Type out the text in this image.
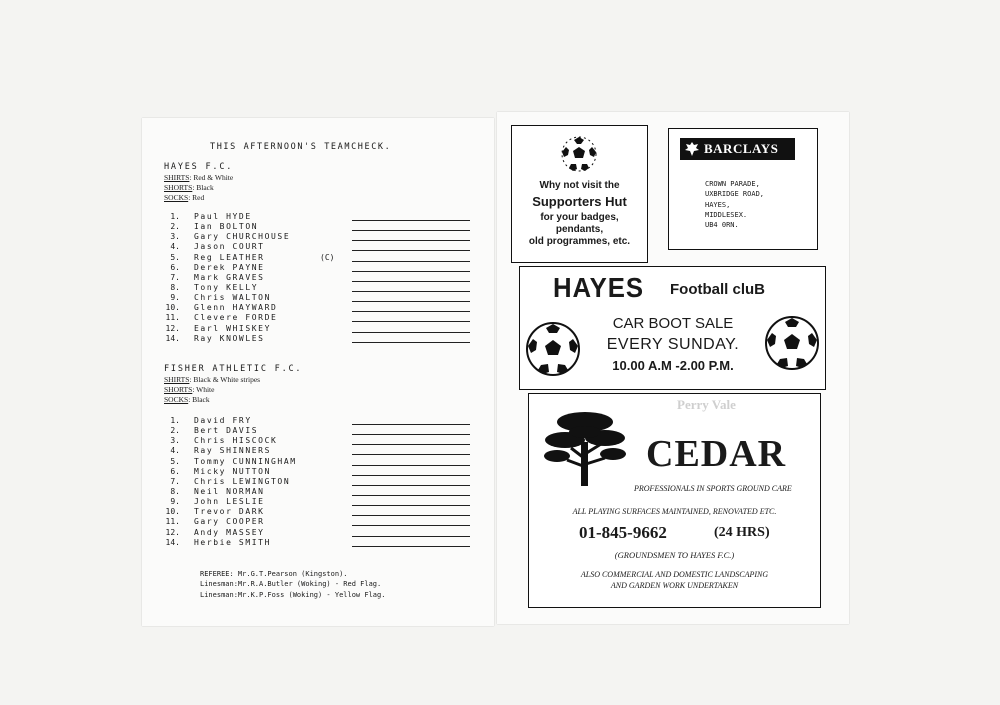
THIS AFTERNOON'S TEAMCHECK.
HAYES F.C.
SHIRTS: Red & White
SHORTS: Black
SOCKS: Red
1. Paul HYDE
2. Ian BOLTON
3. Gary CHURCHOUSE
4. Jason COURT
5. Reg LEATHER
6. Derek PAYNE
7. Mark GRAVES
8. Tony KELLY
9. Chris WALTON
10. Glenn HAYWARD
11. Clevere FORDE
12. Earl WHISKEY
14. Ray KNOWLES
(C)
FISHER ATHLETIC F.C.
SHIRTS: Black & White stripes
SHORTS: White
SOCKS: Black
1. David FRY
2. Bert DAVIS
3. Chris HISCOCK
4. Ray SHINNERS
5. Tommy CUNNINGHAM
6. Micky NUTTON
7. Chris LEWINGTON
8. Neil NORMAN
9. John LESLIE
10. Trevor DARK
11. Gary COOPER
12. Andy MASSEY
14. Herbie SMITH
REFEREE: Mr.G.T.Pearson (Kingston).
Linesman:Mr.R.A.Butler (Woking) - Red Flag.
Linesman:Mr.K.P.Foss (Woking) - Yellow Flag.
Why not visit the
Supporters Hut
for your badges,
pendants,
old programmes, etc.
BARCLAYS
CROWN PARADE,
UXBRIDGE ROAD,
HAYES,
MIDDLESEX.
UB4 0RN.
HAYES Football cluB
CAR BOOT SALE
EVERY SUNDAY.
10.00 A.M -2.00 P.M.
CEDAR
PROFESSIONALS IN SPORTS GROUND CARE
ALL PLAYING SURFACES MAINTAINED, RENOVATED ETC.
01-845-9662	(24 HRS)
(GROUNDSMEN TO HAYES F.C.)
ALSO COMMERCIAL AND DOMESTIC LANDSCAPING
AND GARDEN WORK UNDERTAKEN
Perry Vale
